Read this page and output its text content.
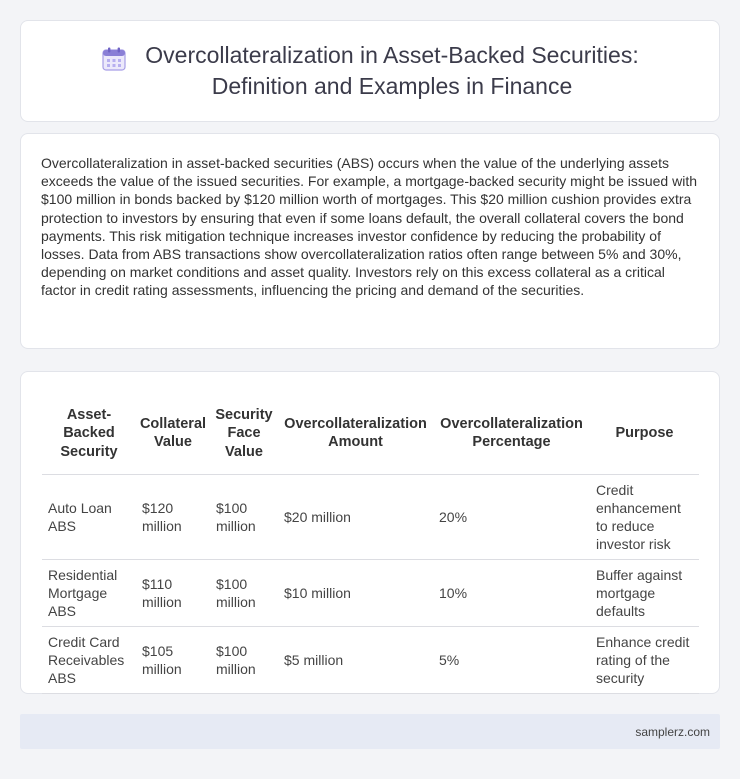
Overcollateralization in Asset-Backed Securities:
Definition and Examples in Finance

Overcollateralization in asset-backed securities (ABS) occurs when the value of the underlying assets exceeds the value of the issued securities. For example, a mortgage-backed security might be issued with $100 million in bonds backed by $120 million worth of mortgages. This $20 million cushion provides extra protection to investors by ensuring that even if some loans default, the overall collateral covers the bond payments. This risk mitigation technique increases investor confidence by reducing the probability of losses. Data from ABS transactions show overcollateralization ratios often range between 5% and 30%, depending on market conditions and asset quality. Investors rely on this excess collateral as a critical factor in credit rating assessments, influencing the pricing and demand of the securities.

Asset-Backed Security	Collateral Value	Security Face Value	Overcollateralization Amount	Overcollateralization Percentage	Purpose
Auto Loan ABS	$120 million	$100 million	$20 million	20%	Credit enhancement to reduce investor risk
Residential Mortgage ABS	$110 million	$100 million	$10 million	10%	Buffer against mortgage defaults
Credit Card Receivables ABS	$105 million	$100 million	$5 million	5%	Enhance credit rating of the security
samplerz.com
